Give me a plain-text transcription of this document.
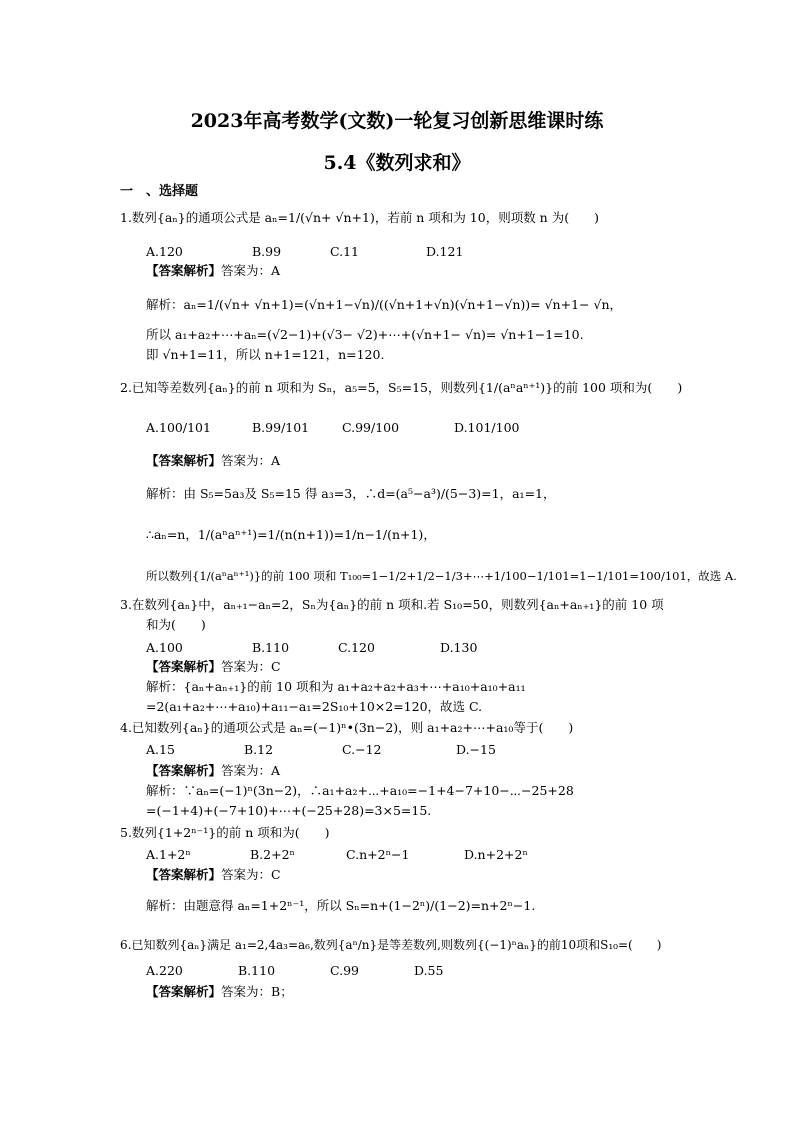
2023年高考数学(文数)一轮复习创新思维课时练
5.4《数列求和》
一　、选择题
1.数列{aₙ}的通项公式是 aₙ=1/(√n+ √n+1)，若前 n 项和为 10，则项数 n 为(　　)
A.120	B.99	C.11	D.121
【答案解析】答案为：A
解析：aₙ=1/(√n+ √n+1)=(√n+1−√n)/((√n+1+√n)(√n+1−√n))= √n+1− √n，
所以 a₁+a₂+⋯+aₙ=(√2−1)+(√3− √2)+⋯+(√n+1− √n)= √n+1−1=10.
即 √n+1=11，所以 n+1=121，n=120.
2.已知等差数列{aₙ}的前 n 项和为 Sₙ，a₅=5，S₅=15，则数列{1/(aⁿaⁿ⁺¹)}的前 100 项和为(　　)
A.100/101	B.99/101	C.99/100	D.101/100
【答案解析】答案为：A
解析：由 S₅=5a₃及 S₅=15 得 a₃=3，∴d=(a⁵−a³)/(5−3)=1，a₁=1，
∴aₙ=n，1/(aⁿaⁿ⁺¹)=1/(n(n+1))=1/n−1/(n+1)，
所以数列{1/(aⁿaⁿ⁺¹)}的前 100 项和 T₁₀₀=1−1/2+1/2−1/3+⋯+1/100−1/101=1−1/101=100/101，故选 A.
3.在数列{aₙ}中，aₙ₊₁−aₙ=2，Sₙ为{aₙ}的前 n 项和.若 S₁₀=50，则数列{aₙ+aₙ₊₁}的前 10 项
和为(　　)
A.100	B.110	C.120	D.130
【答案解析】答案为：C
解析：{aₙ+aₙ₊₁}的前 10 项和为 a₁+a₂+a₂+a₃+⋯+a₁₀+a₁₀+a₁₁
=2(a₁+a₂+⋯+a₁₀)+a₁₁−a₁=2S₁₀+10×2=120，故选 C.
4.已知数列{aₙ}的通项公式是 aₙ=(−1)ⁿ•(3n−2)，则 a₁+a₂+⋯+a₁₀等于(　　)
A.15	B.12	C.−12	D.−15
【答案解析】答案为：A
解析：∵aₙ=(−1)ⁿ(3n−2)，∴a₁+a₂+⋯+a₁₀=−1+4−7+10−⋯−25+28
=(−1+4)+(−7+10)+⋯+(−25+28)=3×5=15.
5.数列{1+2ⁿ⁻¹}的前 n 项和为(　　)
A.1+2ⁿ	B.2+2ⁿ	C.n+2ⁿ−1	D.n+2+2ⁿ
【答案解析】答案为：C
解析：由题意得 aₙ=1+2ⁿ⁻¹，所以 Sₙ=n+(1−2ⁿ)/(1−2)=n+2ⁿ−1.
6.已知数列{aₙ}满足 a₁=2,4a₃=a₆,数列{aⁿ/n}是等差数列,则数列{(−1)ⁿaₙ}的前10项和S₁₀=(　　)
A.220	B.110	C.99	D.55
【答案解析】答案为：B；
